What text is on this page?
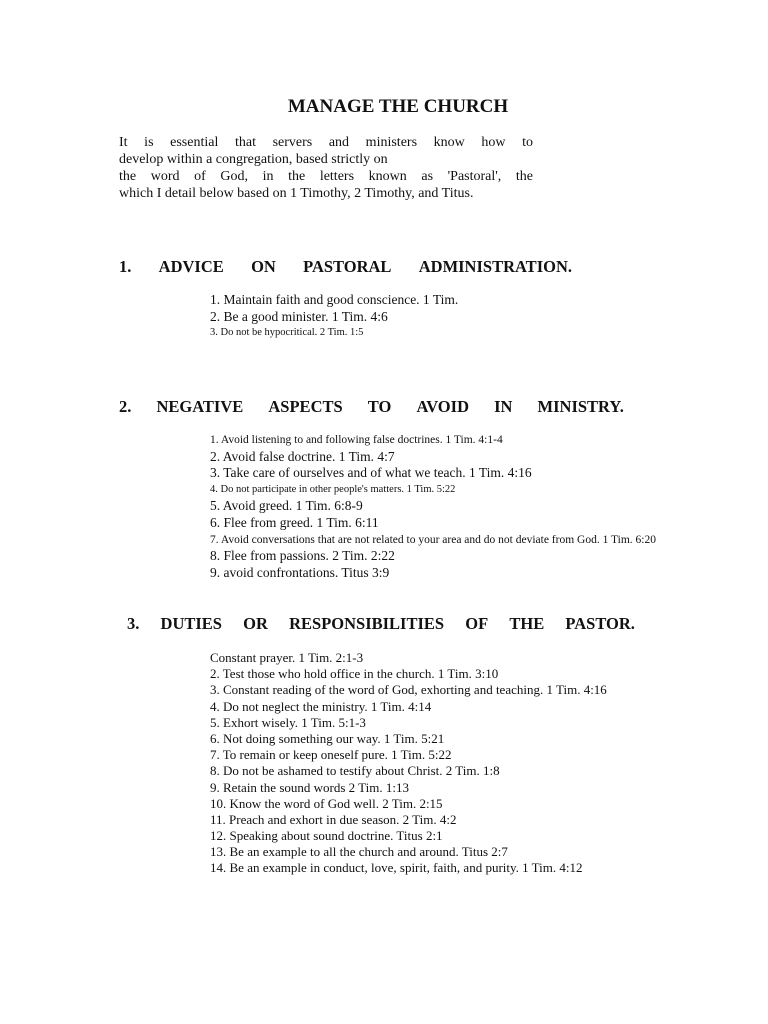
MANAGE THE CHURCH
It is essential that servers and ministers know how to
develop within a congregation, based strictly on
the word of God, in the letters known as 'Pastoral', the
which I detail below based on 1 Timothy, 2 Timothy, and Titus.
1. ADVICE ON PASTORAL ADMINISTRATION.
1. Maintain faith and good conscience. 1 Tim.
2. Be a good minister. 1 Tim. 4:6
3. Do not be hypocritical. 2 Tim. 1:5
2. NEGATIVE ASPECTS TO AVOID IN MINISTRY.
1. Avoid listening to and following false doctrines. 1 Tim. 4:1-4
2. Avoid false doctrine. 1 Tim. 4:7
3. Take care of ourselves and of what we teach. 1 Tim. 4:16
4. Do not participate in other people's matters. 1 Tim. 5:22
5. Avoid greed. 1 Tim. 6:8-9
6. Flee from greed. 1 Tim. 6:11
7. Avoid conversations that are not related to your area and do not deviate from God. 1 Tim. 6:20
8. Flee from passions. 2 Tim. 2:22
9. avoid confrontations. Titus 3:9
3. DUTIES OR RESPONSIBILITIES OF THE PASTOR.
Constant prayer. 1 Tim. 2:1-3
2. Test those who hold office in the church. 1 Tim. 3:10
3. Constant reading of the word of God, exhorting and teaching. 1 Tim. 4:16
4. Do not neglect the ministry. 1 Tim. 4:14
5. Exhort wisely. 1 Tim. 5:1-3
6. Not doing something our way. 1 Tim. 5:21
7. To remain or keep oneself pure. 1 Tim. 5:22
8. Do not be ashamed to testify about Christ. 2 Tim. 1:8
9. Retain the sound words 2 Tim. 1:13
10. Know the word of God well. 2 Tim. 2:15
11. Preach and exhort in due season. 2 Tim. 4:2
12. Speaking about sound doctrine. Titus 2:1
13. Be an example to all the church and around. Titus 2:7
14. Be an example in conduct, love, spirit, faith, and purity. 1 Tim. 4:12
